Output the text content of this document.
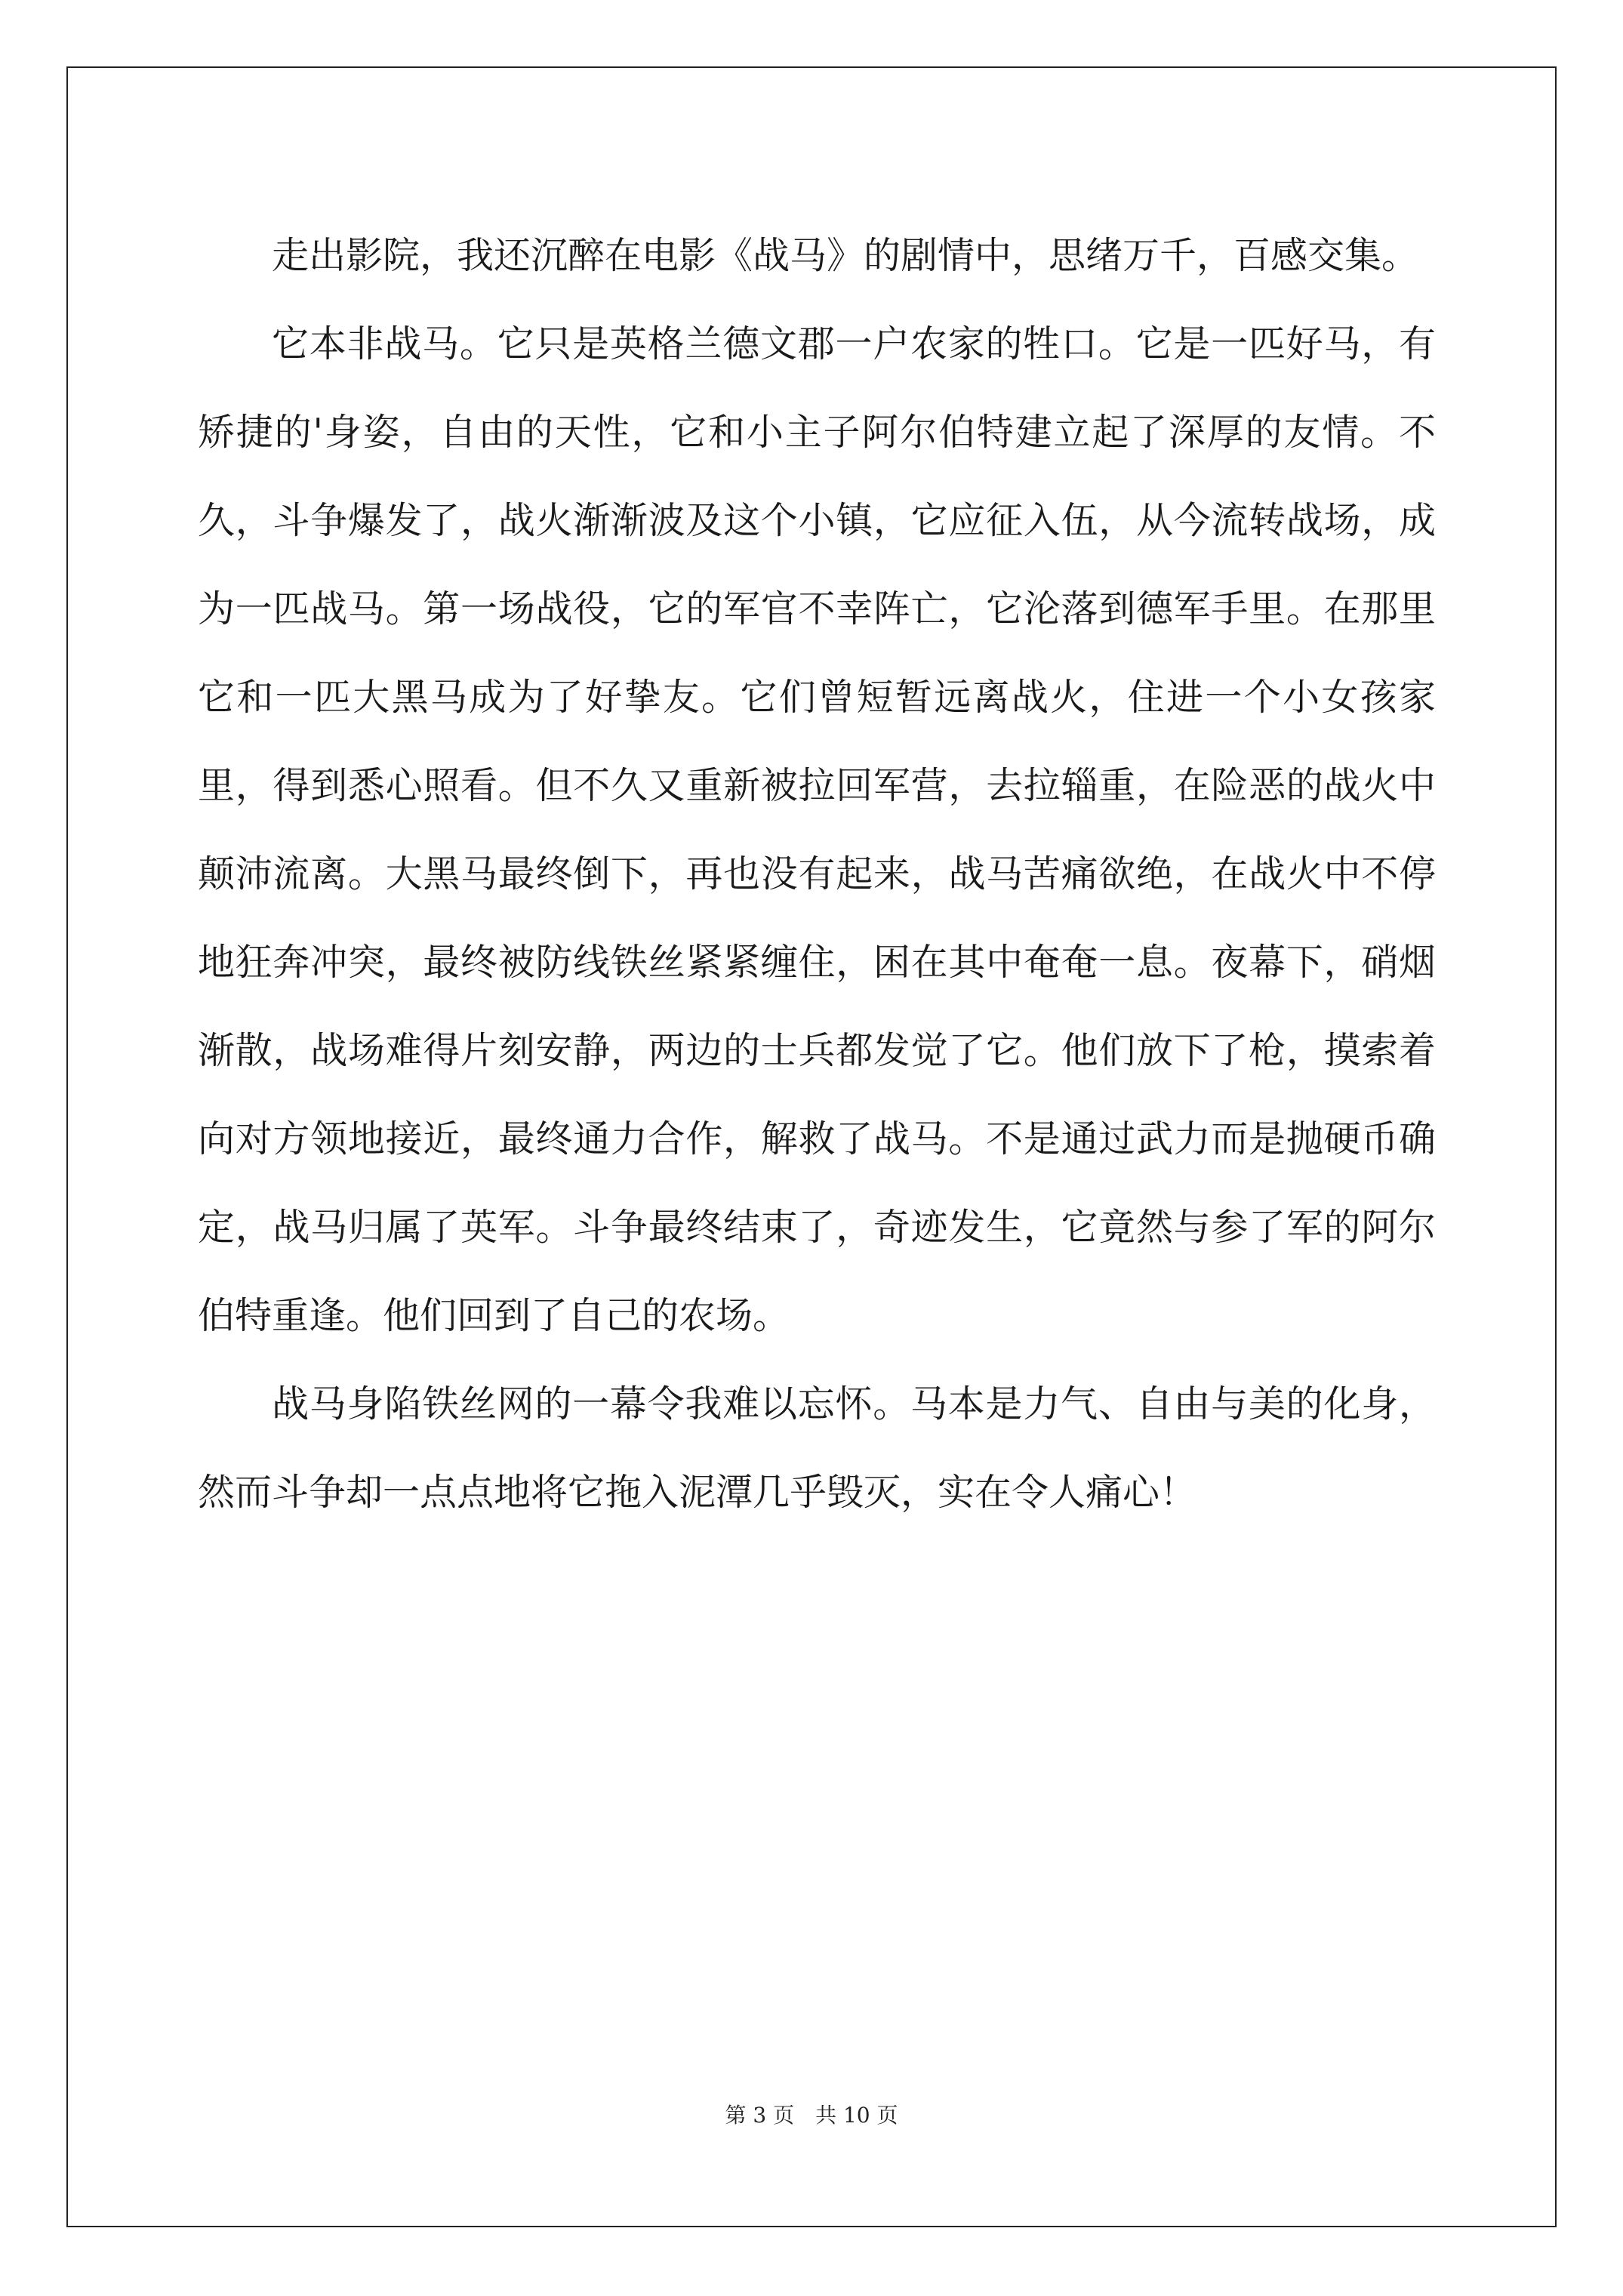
走出影院，我还沉醉在电影《战马》的剧情中，思绪万千，百感交集。

它本非战马。它只是英格兰德文郡一户农家的牲口。它是一匹好马，有矫捷的'身姿，自由的天性，它和小主子阿尔伯特建立起了深厚的友情。不久，斗争爆发了，战火渐渐波及这个小镇，它应征入伍，从今流转战场，成为一匹战马。第一场战役，它的军官不幸阵亡，它沦落到德军手里。在那里它和一匹大黑马成为了好挚友。它们曾短暂远离战火，住进一个小女孩家里，得到悉心照看。但不久又重新被拉回军营，去拉辎重，在险恶的战火中颠沛流离。大黑马最终倒下，再也没有起来，战马苦痛欲绝，在战火中不停地狂奔冲突，最终被防线铁丝紧紧缠住，困在其中奄奄一息。夜幕下，硝烟渐散，战场难得片刻安静，两边的士兵都发觉了它。他们放下了枪，摸索着向对方领地接近，最终通力合作，解救了战马。不是通过武力而是抛硬币确定，战马归属了英军。斗争最终结束了，奇迹发生，它竟然与参了军的阿尔伯特重逢。他们回到了自己的农场。

战马身陷铁丝网的一幕令我难以忘怀。马本是力气、自由与美的化身，然而斗争却一点点地将它拖入泥潭几乎毁灭，实在令人痛心！

第 3 页　共 10 页
